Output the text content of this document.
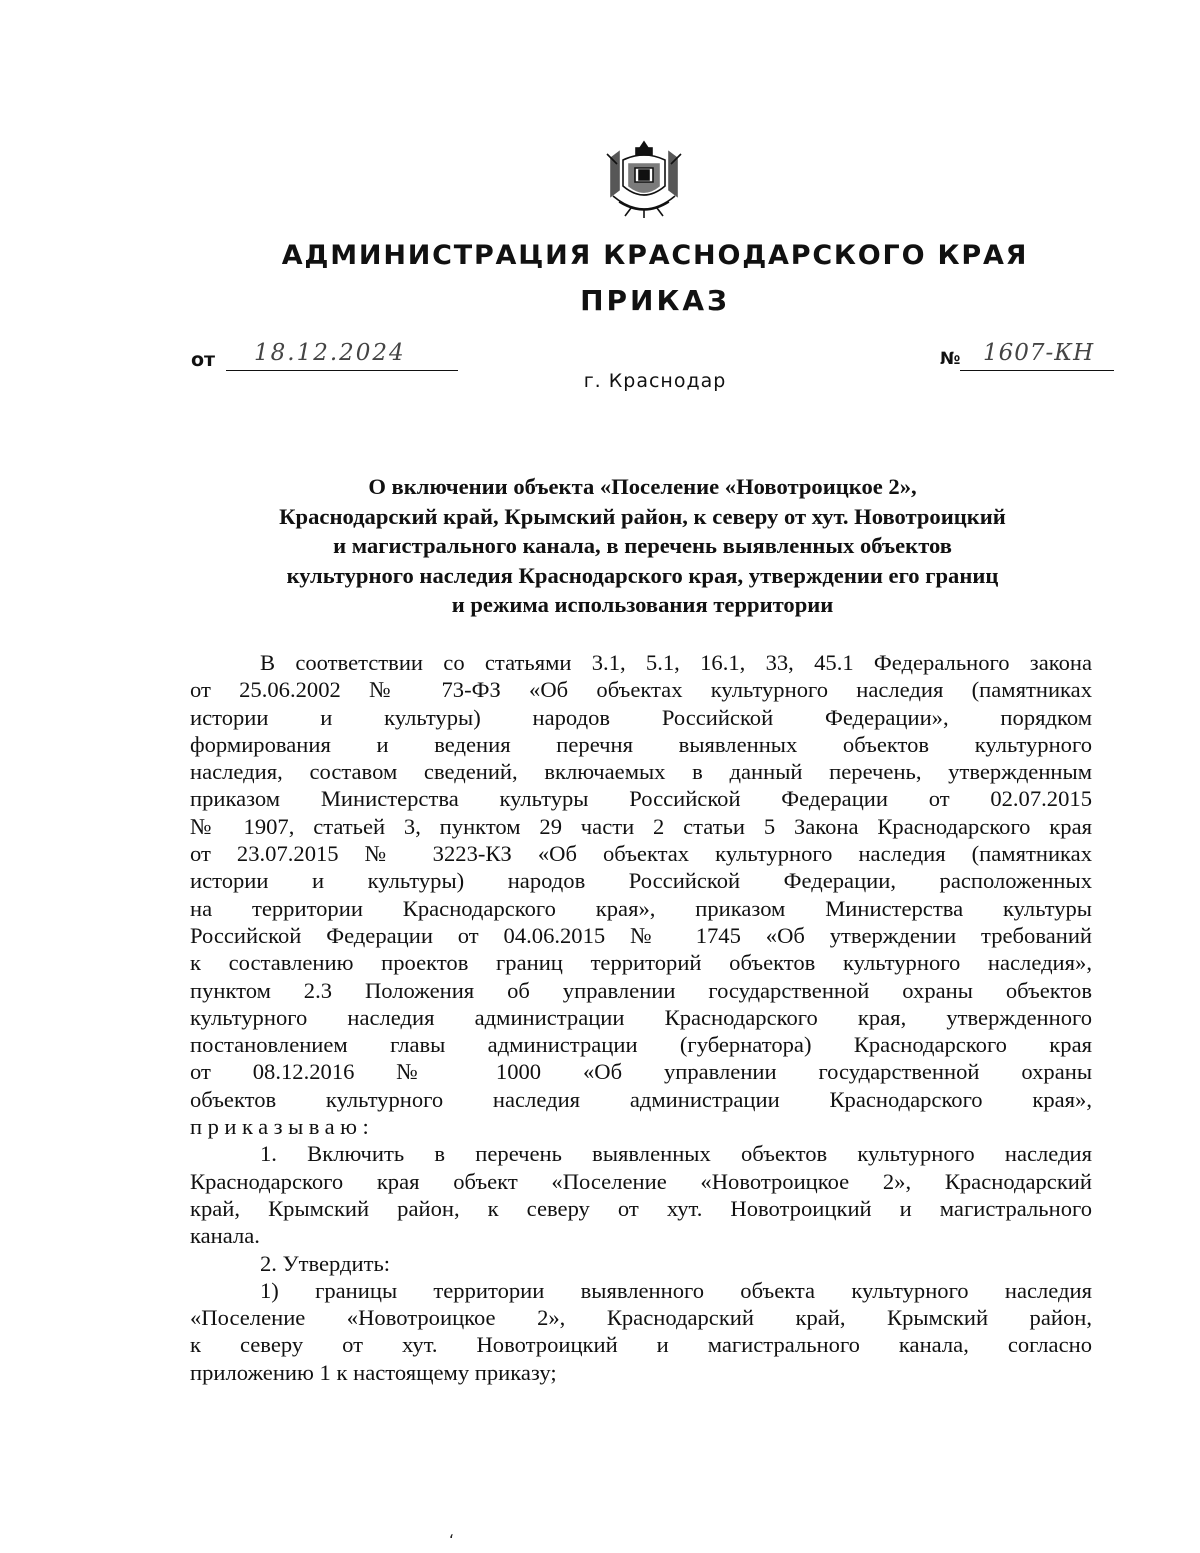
АДМИНИСТРАЦИЯ КРАСНОДАРСКОГО КРАЯ
ПРИКАЗ
от 18.12.2024	№ 1607-КН
г. Краснодар
О включении объекта «Поселение «Новотроицкое 2»,
Краснодарский край, Крымский район, к северу от хут. Новотроицкий
и магистрального канала, в перечень выявленных объектов
культурного наследия Краснодарского края, утверждении его границ
и режима использования территории
В соответствии со статьями 3.1, 5.1, 16.1, 33, 45.1 Федерального закона
от 25.06.2002 № 73-ФЗ «Об объектах культурного наследия (памятниках
истории и культуры) народов Российской Федерации», порядком
формирования и ведения перечня выявленных объектов культурного
наследия, составом сведений, включаемых в данный перечень, утвержденным
приказом Министерства культуры Российской Федерации от 02.07.2015
№ 1907, статьей 3, пунктом 29 части 2 статьи 5 Закона Краснодарского края
от 23.07.2015 № 3223-КЗ «Об объектах культурного наследия (памятниках
истории и культуры) народов Российской Федерации, расположенных
на территории Краснодарского края», приказом Министерства культуры
Российской Федерации от 04.06.2015 № 1745 «Об утверждении требований
к составлению проектов границ территорий объектов культурного наследия»,
пунктом 2.3 Положения об управлении государственной охраны объектов
культурного наследия администрации Краснодарского края, утвержденного
постановлением главы администрации (губернатора) Краснодарского края
от 08.12.2016 № 1000 «Об управлении государственной охраны
объектов культурного наследия администрации Краснодарского края»,
приказываю:
1. Включить в перечень выявленных объектов культурного наследия
Краснодарского края объект «Поселение «Новотроицкое 2», Краснодарский
край, Крымский район, к северу от хут. Новотроицкий и магистрального
канала.
2. Утвердить:
1) границы территории выявленного объекта культурного наследия
«Поселение «Новотроицкое 2», Краснодарский край, Крымский район,
к северу от хут. Новотроицкий и магистрального канала, согласно
приложению 1 к настоящему приказу;
ʻ
